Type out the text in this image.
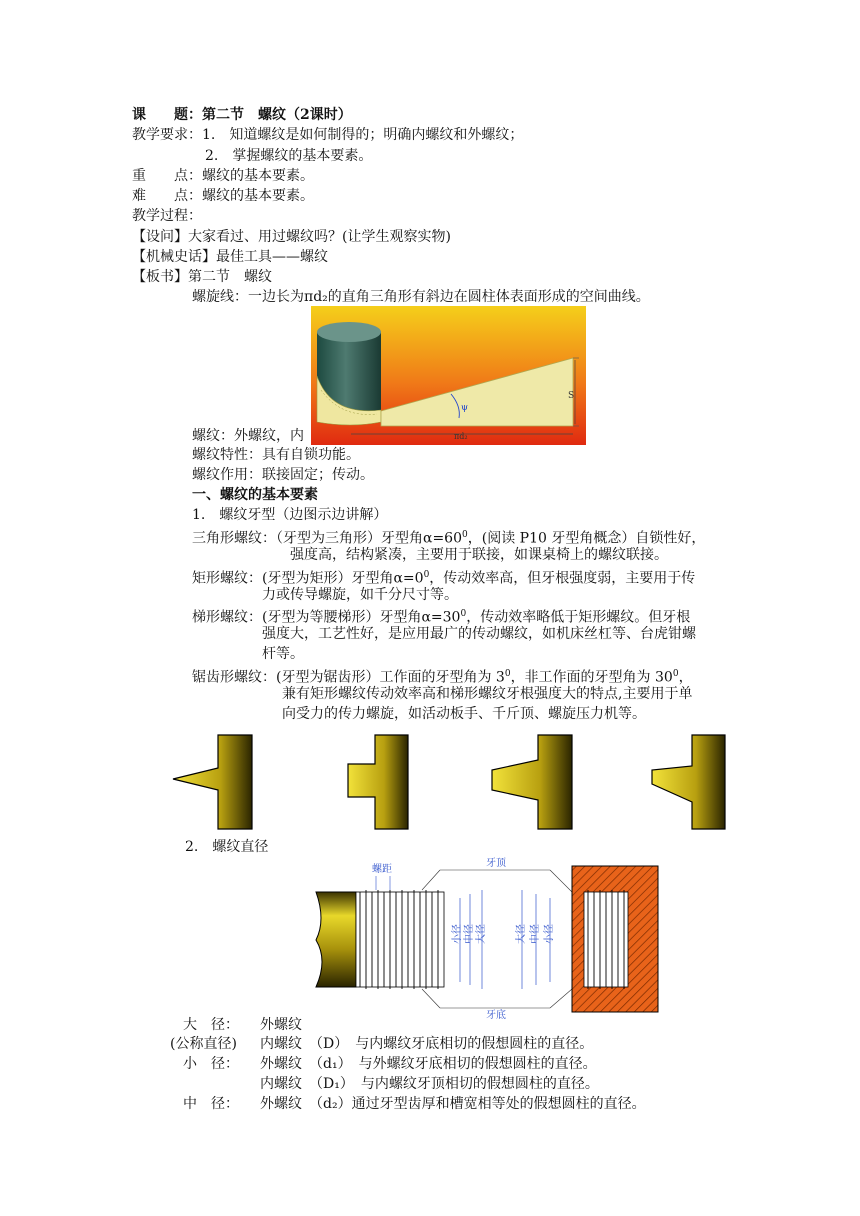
课　　题：第二节　螺纹（2课时）
教学要求：1.　知道螺纹是如何制得的；明确内螺纹和外螺纹；
2.　掌握螺纹的基本要素。
重　　点：螺纹的基本要素。
难　　点：螺纹的基本要素。
教学过程：
【设问】大家看过、用过螺纹吗？(让学生观察实物)
【机械史话】最佳工具——螺纹
【板书】第二节　螺纹
螺旋线：一边长为πd₂的直角三角形有斜边在圆柱体表面形成的空间曲线。
S
ψ
πd₂
螺纹：外螺纹，内
螺纹特性：具有自锁功能。
螺纹作用：联接固定；传动。
一、螺纹的基本要素
1.　螺纹牙型（边图示边讲解）
三角形螺纹：（牙型为三角形）牙型角$\alpha=60^0$，(阅读 P10 牙型角概念）自锁性好，
强度高，结构紧凑，主要用于联接，如课桌椅上的螺纹联接。
矩形螺纹：(牙型为矩形）牙型角$\alpha=0^0$，传动效率高，但牙根强度弱，主要用于传
力或传导螺旋，如千分尺寸等。
梯形螺纹：(牙型为等腰梯形）牙型角$\alpha=30^0$，传动效率略低于矩形螺纹。但牙根
强度大，工艺性好，是应用最广的传动螺纹，如机床丝杠等、台虎钳螺
杆等。
锯齿形螺纹：(牙型为锯齿形）工作面的牙型角为 $3^0$，非工作面的牙型角为 $30^0$，
兼有矩形螺纹传动效率高和梯形螺纹牙根强度大的特点,主要用于单
向受力的传力螺旋，如活动板手、千斤顶、螺旋压力机等。
2.　螺纹直径
螺距
牙顶
牙底
小径 中径 大径	大径 中径 小径
大　径： 外螺纹
(公称直径) 内螺纹　（D）　与内螺纹牙底相切的假想圆柱的直径。
小　径： 外螺纹　（d₁）　与外螺纹牙底相切的假想圆柱的直径。
内螺纹　（D₁）　与内螺纹牙顶相切的假想圆柱的直径。
中　径： 外螺纹　（d₂）通过牙型齿厚和槽宽相等处的假想圆柱的直径。
